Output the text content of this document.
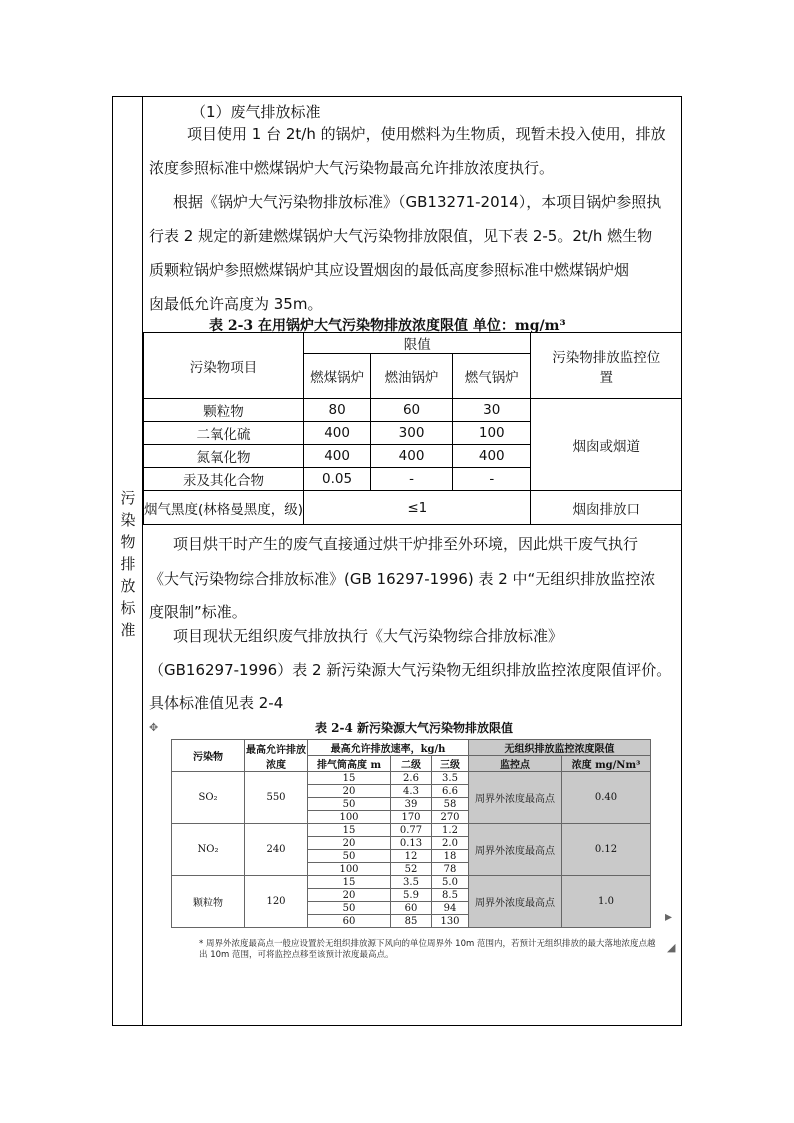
污
染
物
排
放
标
准
（1）废气排放标准
项目使用 1 台 2t/h 的锅炉，使用燃料为生物质，现暂未投入使用，排放
浓度参照标准中燃煤锅炉大气污染物最高允许排放浓度执行。
根据《锅炉大气污染物排放标准》（GB13271-2014），本项目锅炉参照执
行表 2 规定的新建燃煤锅炉大气污染物排放限值，见下表 2-5。2t/h 燃生物
质颗粒锅炉参照燃煤锅炉其应设置烟囱的最低高度参照标准中燃煤锅炉烟
囱最低允许高度为 35m。
表 2-3 在用锅炉大气污染物排放浓度限值 单位：mg/m³
污染物项目	限值			污染物排放监控位置
	燃煤锅炉	燃油锅炉	燃气锅炉	
颗粒物	80	60	30	烟囱或烟道
二氧化硫	400	300	100	
氮氧化物	400	400	400	
汞及其化合物	0.05	-	-	
烟气黑度(林格曼黑度，级)	≤1			烟囱排放口
项目烘干时产生的废气直接通过烘干炉排至外环境，因此烘干废气执行
《大气污染物综合排放标准》(GB 16297-1996) 表 2 中“无组织排放监控浓
度限制”标准。
项目现状无组织废气排放执行《大气污染物综合排放标准》
（GB16297-1996）表 2 新污染源大气污染物无组织排放监控浓度限值评价。
具体标准值见表 2-4
表 2-4 新污染源大气污染物排放限值
✥
污染物	最高允许排放浓度	最高允许排放速率，kg/h			无组织排放监控浓度限值	
		排气筒高度 m	二级	三级	监控点	浓度 mg/Nm³
SO₂	550	15	2.6	3.5	周界外浓度最高点	0.40
		20	4.3	6.6		
		50	39	58		
		100	170	270		
NO₂	240	15	0.77	1.2	周界外浓度最高点	0.12
		20	0.13	2.0		
		50	12	18		
		100	52	78		
颗粒物	120	15	3.5	5.0	周界外浓度最高点	1.0
		20	5.9	8.5		
		50	60	94		
		60	85	130		
* 周界外浓度最高点一般应设置於无组织排放源下风向的单位周界外 10m 范围内，若预计无组织排放的最大落地浓度点越出 10m 范围，可将监控点移至该预计浓度最高点。
▸
◢
